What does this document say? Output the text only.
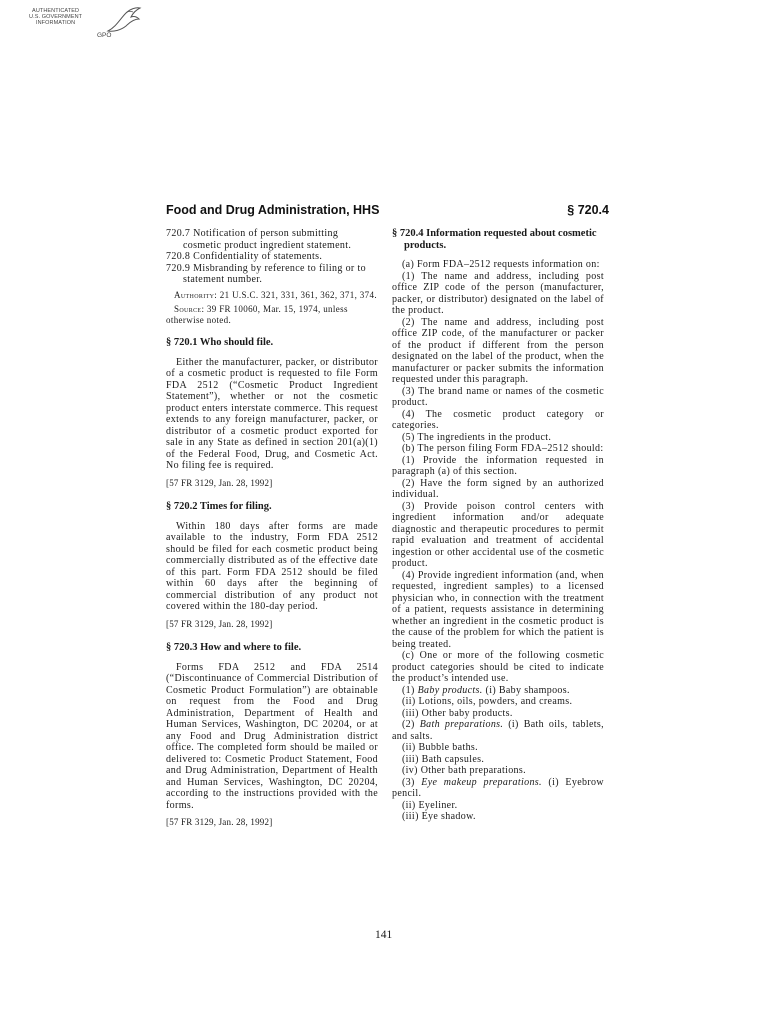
AUTHENTICATED
U.S. GOVERNMENT
INFORMATION
GPO
Food and Drug Administration, HHS	§ 720.4

720.7 Notification of person submitting cosmetic product ingredient statement.

720.8 Confidentiality of statements.

720.9 Misbranding by reference to filing or to statement number.

Authority: 21 U.S.C. 321, 331, 361, 362, 371, 374.

Source: 39 FR 10060, Mar. 15, 1974, unless otherwise noted.

§ 720.1 Who should file.

Either the manufacturer, packer, or distributor of a cosmetic product is requested to file Form FDA 2512 (“Cosmetic Product Ingredient Statement”), whether or not the cosmetic product enters interstate commerce. This request extends to any foreign manufacturer, packer, or distributor of a cosmetic product exported for sale in any State as defined in section 201(a)(1) of the Federal Food, Drug, and Cosmetic Act. No filing fee is required.

[57 FR 3129, Jan. 28, 1992]

§ 720.2 Times for filing.

Within 180 days after forms are made available to the industry, Form FDA 2512 should be filed for each cosmetic product being commercially distributed as of the effective date of this part. Form FDA 2512 should be filed within 60 days after the beginning of commercial distribution of any product not covered within the 180-day period.

[57 FR 3129, Jan. 28, 1992]

§ 720.3 How and where to file.

Forms FDA 2512 and FDA 2514 (“Discontinuance of Commercial Distribution of Cosmetic Product Formulation”) are obtainable on request from the Food and Drug Administration, Department of Health and Human Services, Washington, DC 20204, or at any Food and Drug Administration district office. The completed form should be mailed or delivered to: Cosmetic Product Statement, Food and Drug Administration, Department of Health and Human Services, Washington, DC 20204, according to the instructions provided with the forms.

[57 FR 3129, Jan. 28, 1992]

§ 720.4 Information requested about cosmetic products.

(a) Form FDA–2512 requests information on:

(1) The name and address, including post office ZIP code of the person (manufacturer, packer, or distributor) designated on the label of the product.

(2) The name and address, including post office ZIP code, of the manufacturer or packer of the product if different from the person designated on the label of the product, when the manufacturer or packer submits the information requested under this paragraph.

(3) The brand name or names of the cosmetic product.

(4) The cosmetic product category or categories.

(5) The ingredients in the product.

(b) The person filing Form FDA–2512 should:

(1) Provide the information requested in paragraph (a) of this section.

(2) Have the form signed by an authorized individual.

(3) Provide poison control centers with ingredient information and/or adequate diagnostic and therapeutic procedures to permit rapid evaluation and treatment of accidental ingestion or other accidental use of the cosmetic product.

(4) Provide ingredient information (and, when requested, ingredient samples) to a licensed physician who, in connection with the treatment of a patient, requests assistance in determining whether an ingredient in the cosmetic product is the cause of the problem for which the patient is being treated.

(c) One or more of the following cosmetic product categories should be cited to indicate the product’s intended use.

(1) Baby products. (i) Baby shampoos.

(ii) Lotions, oils, powders, and creams.

(iii) Other baby products.

(2) Bath preparations. (i) Bath oils, tablets, and salts.

(ii) Bubble baths.

(iii) Bath capsules.

(iv) Other bath preparations.

(3) Eye makeup preparations. (i) Eyebrow pencil.

(ii) Eyeliner.

(iii) Eye shadow.

141
